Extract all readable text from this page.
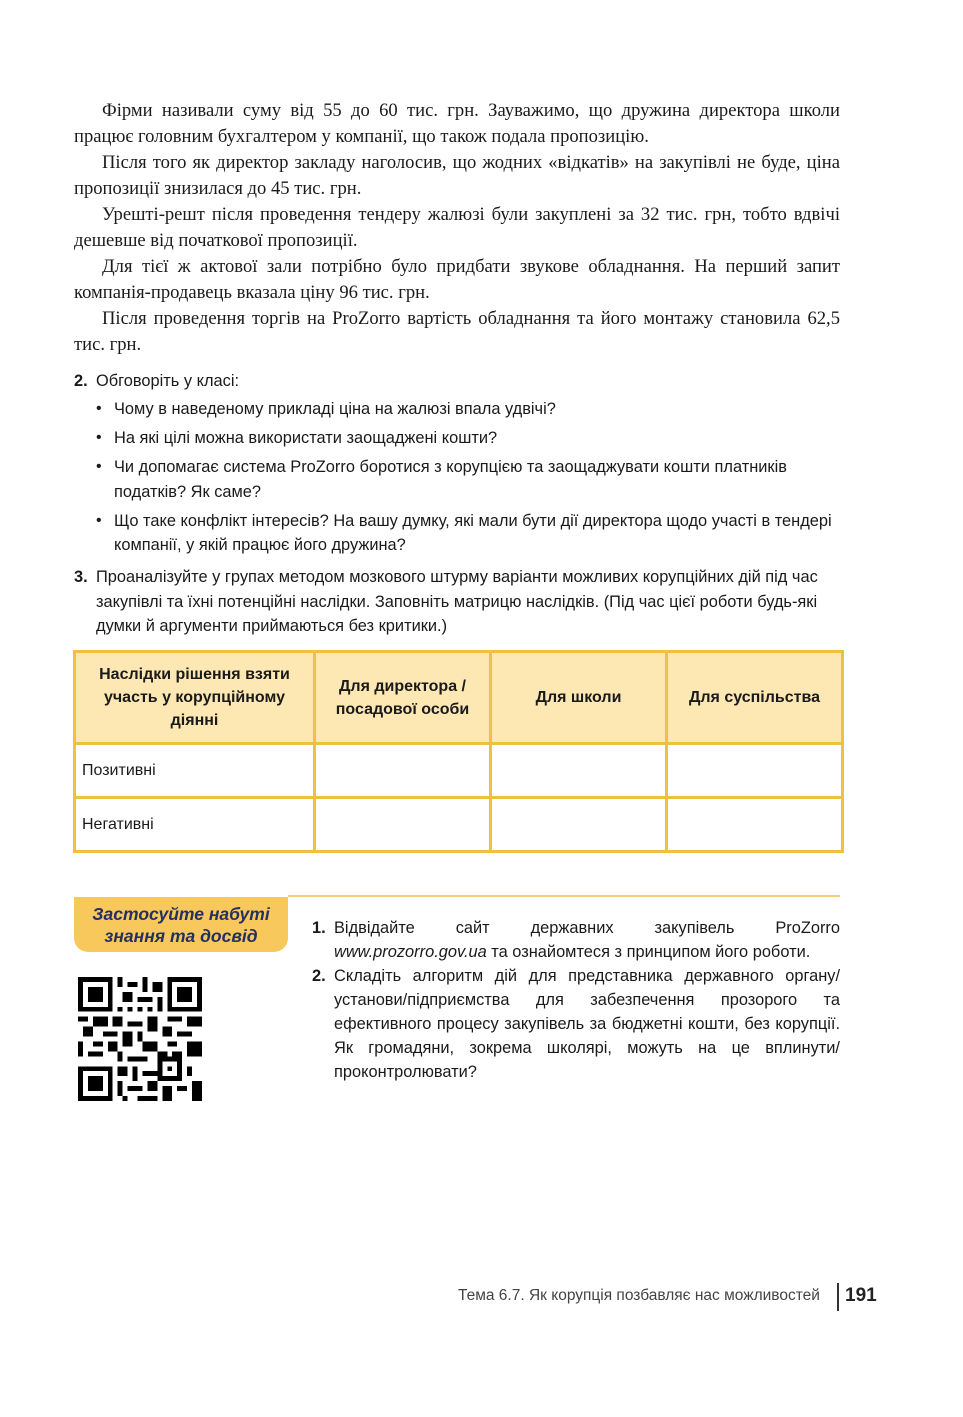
Фірми називали суму від 55 до 60 тис. грн. Зауважимо, що дружина директора школи працює головним бухгалтером у компанії, що також подала пропозицію.

Після того як директор закладу наголосив, що жодних «відкатів» на закупівлі не буде, ціна пропозиції знизилася до 45 тис. грн.

Урешті-решт після проведення тендеру жалюзі були закуплені за 32 тис. грн, тобто вдвічі дешевше від початкової пропозиції.

Для тієї ж актової зали потрібно було придбати звукове обладнання. На перший запит компанія-продавець вказала ціну 96 тис. грн.

Після проведення торгів на ProZorro вартість обладнання та його монтажу становила 62,5 тис. грн.

2. Обговоріть у класі:
• Чому в наведеному прикладі ціна на жалюзі впала удвічі?
• На які цілі можна використати заощаджені кошти?
• Чи допомагає система ProZorro боротися з корупцією та заощаджувати кошти платників податків? Як саме?
• Що таке конфлікт інтересів? На вашу думку, які мали бути дії директора щодо участі в тендері компанії, у якій працює його дружина?
3. Проаналізуйте у групах методом мозкового штурму варіанти можливих корупційних дій під час закупівлі та їхні потенційні наслідки. Заповніть матрицю наслідків. (Під час цієї роботи будь-які думки й аргументи приймаються без критики.)
Наслідки рішення взяти участь у корупційному діянні	Для директора / посадової особи	Для школи	Для суспільства
Позитивні			
Негативні			
Застосуйте набуті знання та досвід	1. Відвідайте сайт державних закупівель ProZorro www.prozorro.gov.ua та ознайомтеся з принципом його роботи.
2. Складіть алгоритм дій для представника державного органу/установи/підприємства для забезпечення прозорого та ефективного процесу закупівель за бюджетні кошти, без корупції. Як громадяни, зокрема школярі, можуть на це вплинути/проконтролювати?
Тема 6.7. Як корупція позбавляє нас можливостей 191
